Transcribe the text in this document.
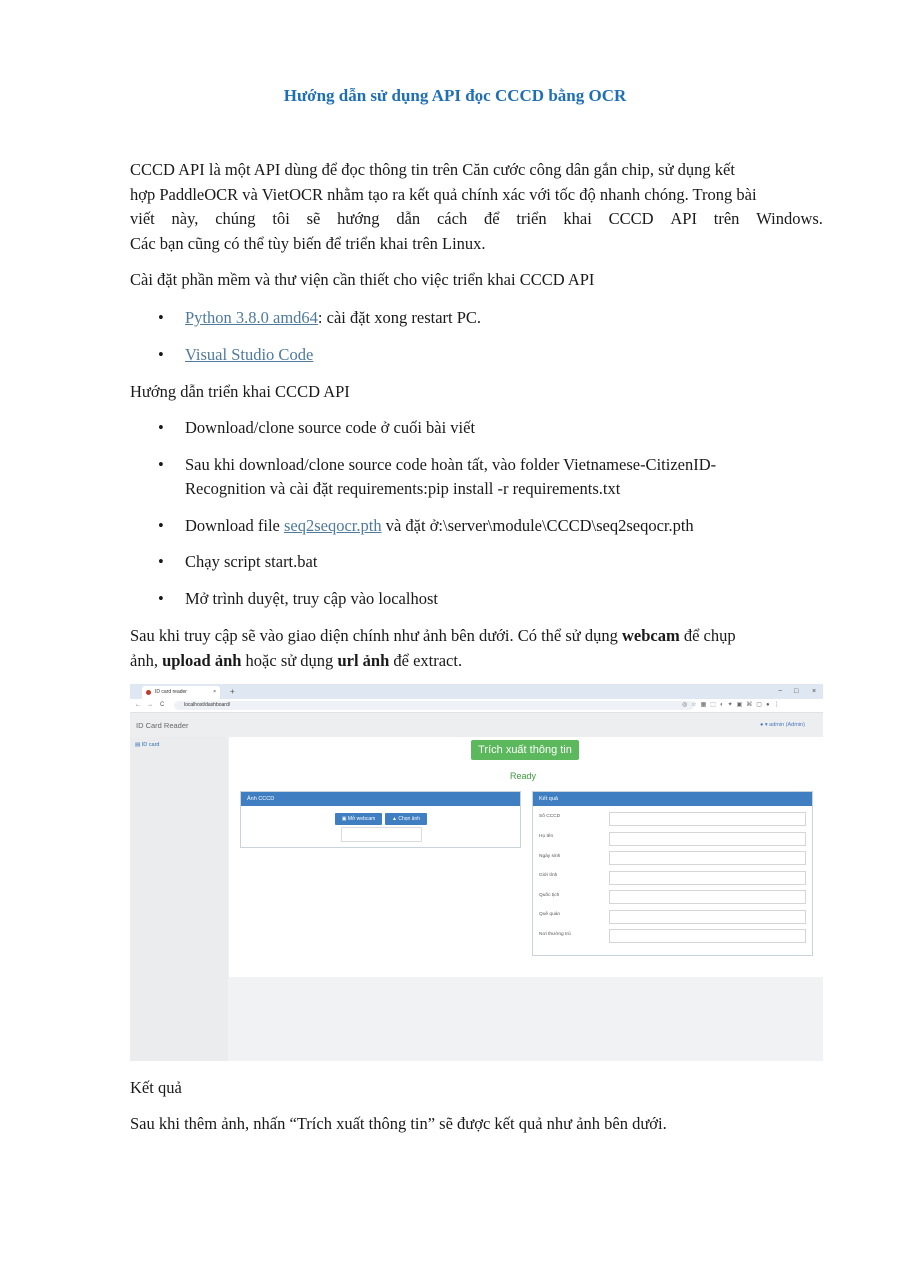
Hướng dẫn sử dụng API đọc CCCD bằng OCR
CCCD API là một API dùng để đọc thông tin trên Căn cước công dân gắn chip, sử dụng kết
hợp PaddleOCR và VietOCR nhằm tạo ra kết quả chính xác với tốc độ nhanh chóng. Trong bài
viết này, chúng tôi sẽ hướng dẫn cách để triển khai CCCD API trên Windows.
Các bạn cũng có thể tùy biến để triển khai trên Linux.
Cài đặt phần mềm và thư viện cần thiết cho việc triển khai CCCD API
• Python 3.8.0 amd64: cài đặt xong restart PC.
• Visual Studio Code
Hướng dẫn triển khai CCCD API
• Download/clone source code ở cuối bài viết
• Sau khi download/clone source code hoàn tất, vào folder Vietnamese-CitizenID-
Recognition và cài đặt requirements:pip install -r requirements.txt
• Download file seq2seqocr.pth và đặt ở:\server\module\CCCD\seq2seqocr.pth
• Chạy script start.bat
• Mở trình duyệt, truy cập vào localhost
Sau khi truy cập sẽ vào giao diện chính như ảnh bên dưới. Có thể sử dụng webcam để chụp
ảnh, upload ảnh hoặc sử dụng url ảnh để extract.
ID card reader	× +	− □ ×
← → C	localhost/dashboard/	◎☆▦⬚◐✦▣⌘▢●⋮
ID Card Reader	● ▾ admin (Admin)
▤ ID card	Trích xuất thông tin
Ready
Ảnh CCCD
▣ Mở webcam	▲ Chọn ảnh
Kết quả
Số CCCD
Họ tên
Ngày sinh
Giới tính
Quốc tịch
Quê quán
Nơi thường trú
Kết quả
Sau khi thêm ảnh, nhấn “Trích xuất thông tin” sẽ được kết quả như ảnh bên dưới.
